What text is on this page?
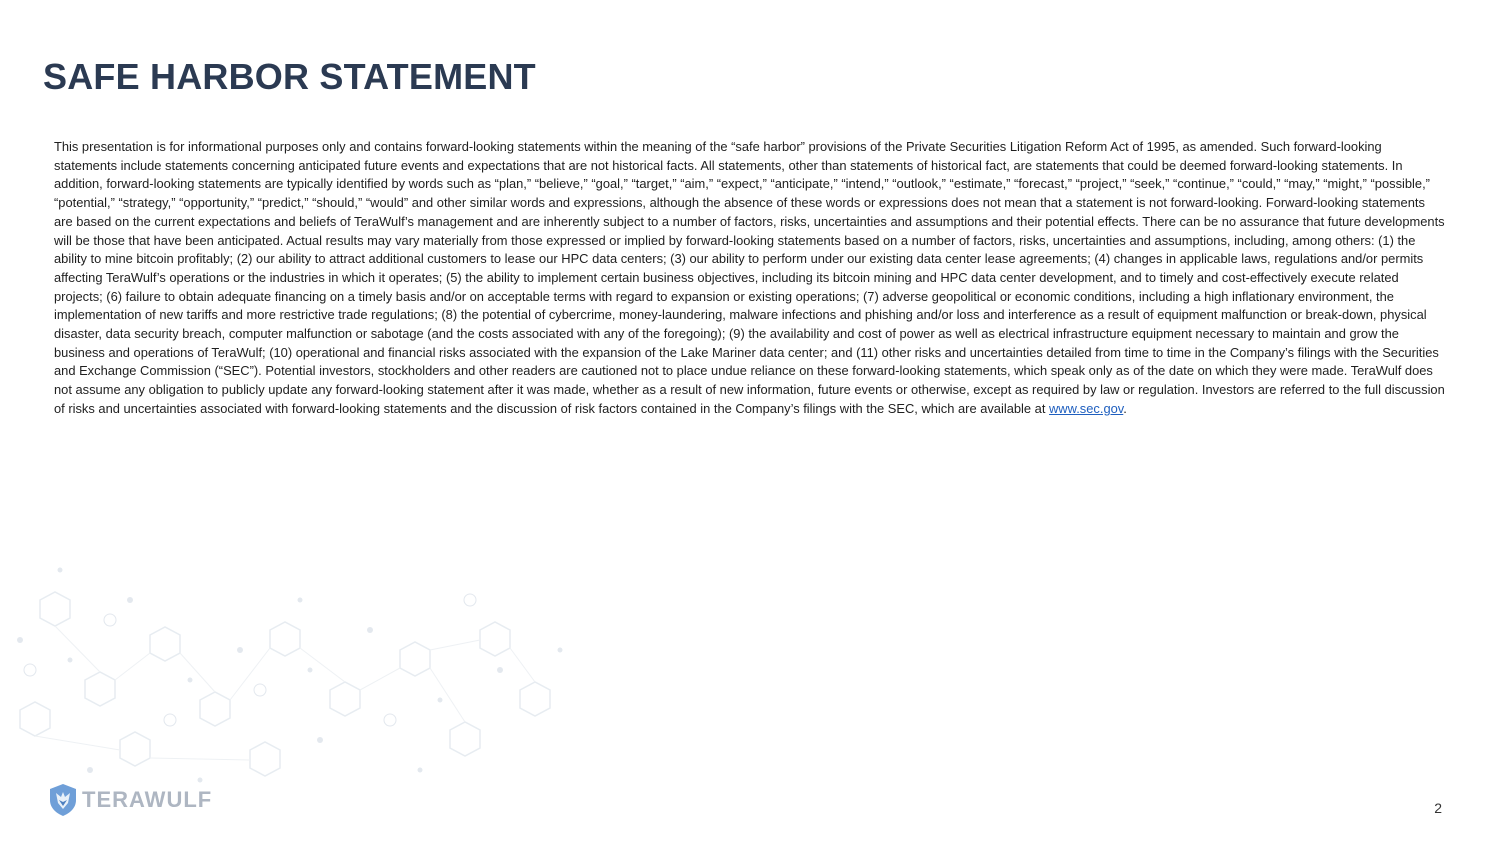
SAFE HARBOR STATEMENT

This presentation is for informational purposes only and contains forward-looking statements within the meaning of the “safe harbor” provisions of the Private Securities Litigation Reform Act of 1995, as amended. Such forward-looking statements include statements concerning anticipated future events and expectations that are not historical facts. All statements, other than statements of historical fact, are statements that could be deemed forward-looking statements. In addition, forward-looking statements are typically identified by words such as “plan,” “believe,” “goal,” “target,” “aim,” “expect,” “anticipate,” “intend,” “outlook,” “estimate,” “forecast,” “project,” “seek,” “continue,” “could,” “may,” “might,” “possible,” “potential,” “strategy,” “opportunity,” “predict,” “should,” “would” and other similar words and expressions, although the absence of these words or expressions does not mean that a statement is not forward-looking. Forward-looking statements are based on the current expectations and beliefs of TeraWulf’s management and are inherently subject to a number of factors, risks, uncertainties and assumptions and their potential effects. There can be no assurance that future developments will be those that have been anticipated. Actual results may vary materially from those expressed or implied by forward-looking statements based on a number of factors, risks, uncertainties and assumptions, including, among others: (1) the ability to mine bitcoin profitably; (2) our ability to attract additional customers to lease our HPC data centers; (3) our ability to perform under our existing data center lease agreements; (4) changes in applicable laws, regulations and/or permits affecting TeraWulf’s operations or the industries in which it operates; (5) the ability to implement certain business objectives, including its bitcoin mining and HPC data center development, and to timely and cost-effectively execute related projects; (6) failure to obtain adequate financing on a timely basis and/or on acceptable terms with regard to expansion or existing operations; (7) adverse geopolitical or economic conditions, including a high inflationary environment, the implementation of new tariffs and more restrictive trade regulations; (8) the potential of cybercrime, money-laundering, malware infections and phishing and/or loss and interference as a result of equipment malfunction or break-down, physical disaster, data security breach, computer malfunction or sabotage (and the costs associated with any of the foregoing); (9) the availability and cost of power as well as electrical infrastructure equipment necessary to maintain and grow the business and operations of TeraWulf; (10) operational and financial risks associated with the expansion of the Lake Mariner data center; and (11) other risks and uncertainties detailed from time to time in the Company’s filings with the Securities and Exchange Commission (“SEC”). Potential investors, stockholders and other readers are cautioned not to place undue reliance on these forward-looking statements, which speak only as of the date on which they were made. TeraWulf does not assume any obligation to publicly update any forward-looking statement after it was made, whether as a result of new information, future events or otherwise, except as required by law or regulation. Investors are referred to the full discussion of risks and uncertainties associated with forward-looking statements and the discussion of risk factors contained in the Company’s filings with the SEC, which are available at www.sec.gov.

TERAWULF	2
